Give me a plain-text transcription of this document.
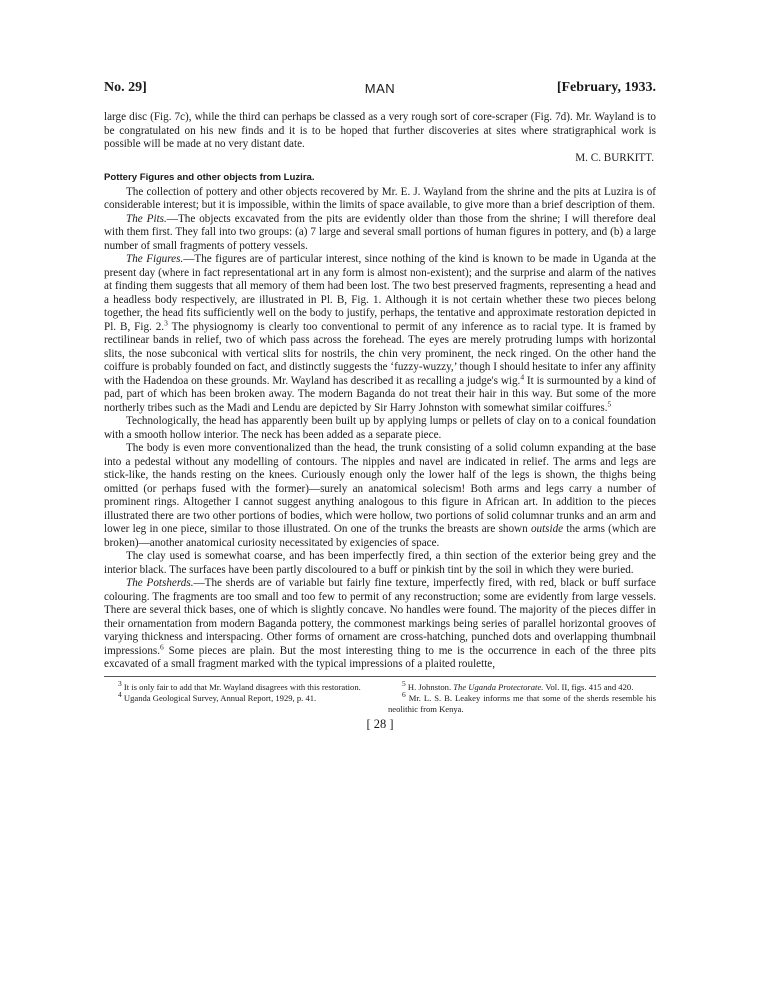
No. 29]	MAN	[February, 1933.

large disc (Fig. 7c), while the third can perhaps be classed as a very rough sort of core-scraper (Fig. 7d). Mr. Wayland is to be congratulated on his new finds and it is to be hoped that further discoveries at sites where stratigraphical work is possible will be made at no very distant date.

M. C. BURKITT.

Pottery Figures and other objects from Luzira.

The collection of pottery and other objects recovered by Mr. E. J. Wayland from the shrine and the pits at Luzira is of considerable interest; but it is impossible, within the limits of space available, to give more than a brief description of them.

The Pits.—The objects excavated from the pits are evidently older than those from the shrine; I will therefore deal with them first. They fall into two groups: (a) 7 large and several small portions of human figures in pottery, and (b) a large number of small fragments of pottery vessels.

The Figures.—The figures are of particular interest, since nothing of the kind is known to be made in Uganda at the present day (where in fact representational art in any form is almost non-existent); and the surprise and alarm of the natives at finding them suggests that all memory of them had been lost. The two best preserved fragments, representing a head and a headless body respectively, are illustrated in Pl. B, Fig. 1. Although it is not certain whether these two pieces belong together, the head fits sufficiently well on the body to justify, perhaps, the tentative and approximate restoration depicted in Pl. B, Fig. 2.$^3$ The physiognomy is clearly too conventional to permit of any inference as to racial type. It is framed by rectilinear bands in relief, two of which pass across the forehead. The eyes are merely protruding lumps with horizontal slits, the nose subconical with vertical slits for nostrils, the chin very prominent, the neck ringed. On the other hand the coiffure is probably founded on fact, and distinctly suggests the ‘fuzzy-wuzzy,’ though I should hesitate to infer any affinity with the Hadendoa on these grounds. Mr. Wayland has described it as recalling a judge's wig.$^4$ It is surmounted by a kind of pad, part of which has been broken away. The modern Baganda do not treat their hair in this way. But some of the more northerly tribes such as the Madi and Lendu are depicted by Sir Harry Johnston with somewhat similar coiffures.$^5$

Technologically, the head has apparently been built up by applying lumps or pellets of clay on to a conical foundation with a smooth hollow interior. The neck has been added as a separate piece.

The body is even more conventionalized than the head, the trunk consisting of a solid column expanding at the base into a pedestal without any modelling of contours. The nipples and navel are indicated in relief. The arms and legs are stick-like, the hands resting on the knees. Curiously enough only the lower half of the legs is shown, the thighs being omitted (or perhaps fused with the former)—surely an anatomical solecism! Both arms and legs carry a number of prominent rings. Altogether I cannot suggest anything analogous to this figure in African art. In addition to the pieces illustrated there are two other portions of bodies, which were hollow, two portions of solid columnar trunks and an arm and lower leg in one piece, similar to those illustrated. On one of the trunks the breasts are shown outside the arms (which are broken)—another anatomical curiosity necessitated by exigencies of space.

The clay used is somewhat coarse, and has been imperfectly fired, a thin section of the exterior being grey and the interior black. The surfaces have been partly discoloured to a buff or pinkish tint by the soil in which they were buried.

The Potsherds.—The sherds are of variable but fairly fine texture, imperfectly fired, with red, black or buff surface colouring. The fragments are too small and too few to permit of any reconstruction; some are evidently from large vessels. There are several thick bases, one of which is slightly concave. No handles were found. The majority of the pieces differ in their ornamentation from modern Baganda pottery, the commonest markings being series of parallel horizontal grooves of varying thickness and interspacing. Other forms of ornament are cross-hatching, punched dots and overlapping thumbnail impressions.$^6$ Some pieces are plain. But the most interesting thing to me is the occurrence in each of the three pits excavated of a small fragment marked with the typical impressions of a plaited roulette,

$^3$ It is only fair to add that Mr. Wayland disagrees with this restoration.

$^4$ Uganda Geological Survey, Annual Report, 1929, p. 41.

$^5$ H. Johnston. The Uganda Protectorate. Vol. II, figs. 415 and 420.

$^6$ Mr. L. S. B. Leakey informs me that some of the sherds resemble his neolithic from Kenya.

[ 28 ]
